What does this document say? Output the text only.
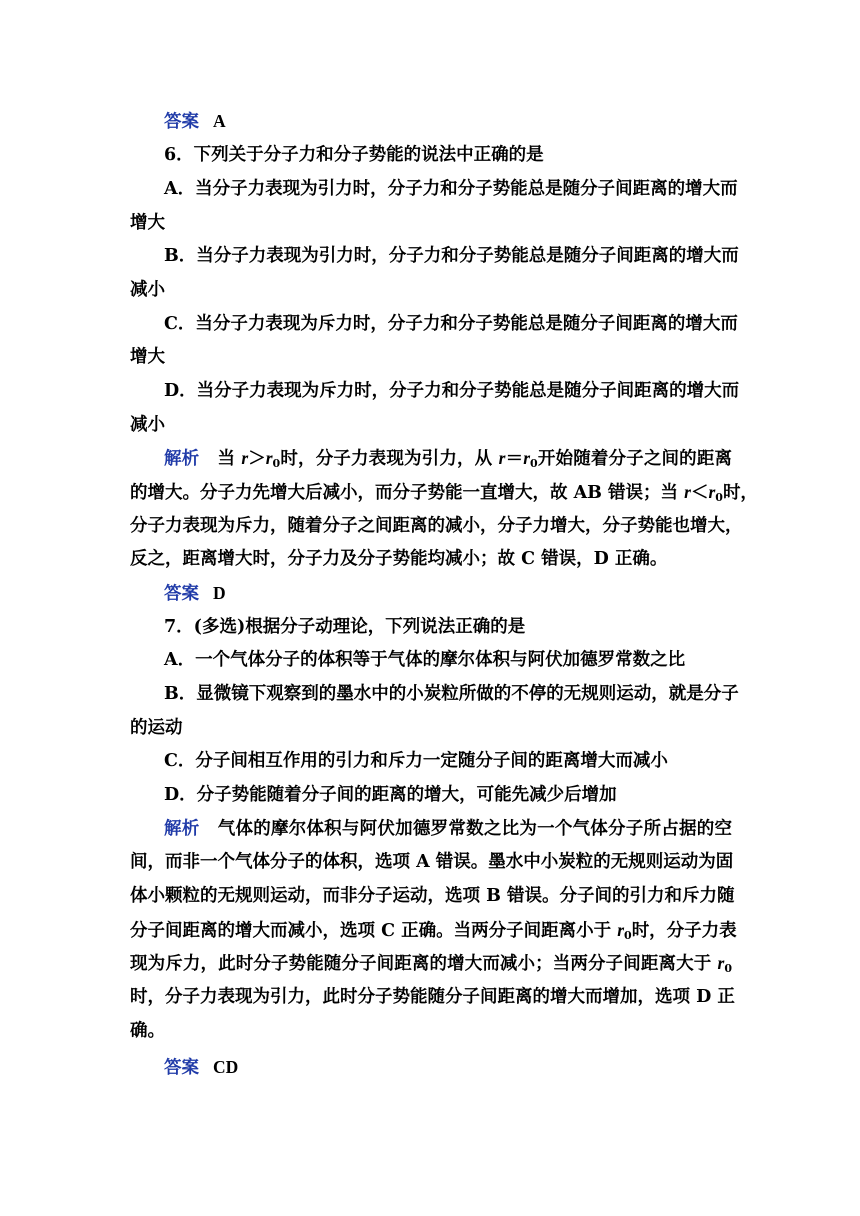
答案 A
6．下列关于分子力和分子势能的说法中正确的是
A．当分子力表现为引力时，分子力和分子势能总是随分子间距离的增大而
增大
B．当分子力表现为引力时，分子力和分子势能总是随分子间距离的增大而
减小
C．当分子力表现为斥力时，分子力和分子势能总是随分子间距离的增大而
增大
D．当分子力表现为斥力时，分子力和分子势能总是随分子间距离的增大而
减小
解析 当 $r>r_0$时，分子力表现为引力，从 $r=r_0$开始随着分子之间的距离
的增大。分子力先增大后减小，而分子势能一直增大，故 AB 错误；当 $r<r_0$时，
分子力表现为斥力，随着分子之间距离的减小，分子力增大，分子势能也增大，
反之，距离增大时，分子力及分子势能均减小；故 C 错误，D 正确。
答案 D
7．(多选)根据分子动理论，下列说法正确的是
A．一个气体分子的体积等于气体的摩尔体积与阿伏加德罗常数之比
B．显微镜下观察到的墨水中的小炭粒所做的不停的无规则运动，就是分子
的运动
C．分子间相互作用的引力和斥力一定随分子间的距离增大而减小
D．分子势能随着分子间的距离的增大，可能先减少后增加
解析 气体的摩尔体积与阿伏加德罗常数之比为一个气体分子所占据的空
间，而非一个气体分子的体积，选项 A 错误。墨水中小炭粒的无规则运动为固
体小颗粒的无规则运动，而非分子运动，选项 B 错误。分子间的引力和斥力随
分子间距离的增大而减小，选项 C 正确。当两分子间距离小于 $r_0$时，分子力表
现为斥力，此时分子势能随分子间距离的增大而减小；当两分子间距离大于 $r_0$
时，分子力表现为引力，此时分子势能随分子间距离的增大而增加，选项 D 正
确。
答案 CD
